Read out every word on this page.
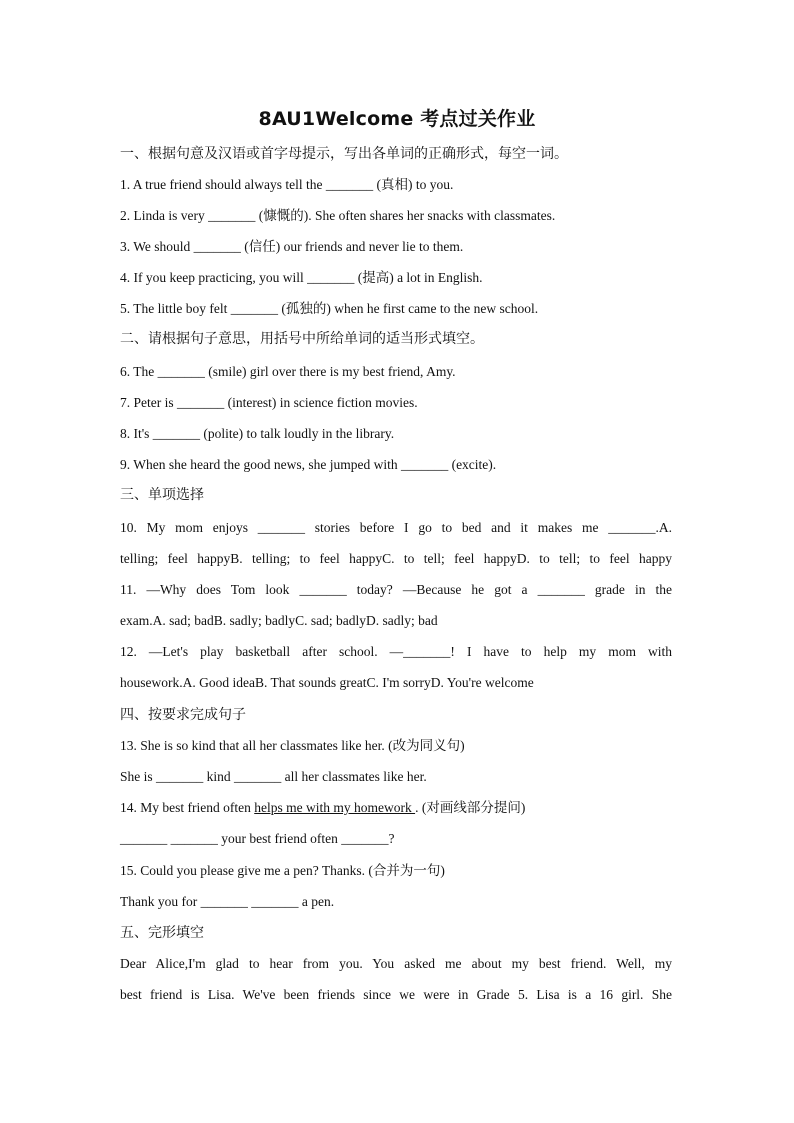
8AU1Welcome 考点过关作业
一、根据句意及汉语或首字母提示，写出各单词的正确形式，每空一词。
1. A true friend should always tell the _______ (真相) to you.
2. Linda is very _______ (慷慨的). She often shares her snacks with classmates.
3. We should _______ (信任) our friends and never lie to them.
4. If you keep practicing, you will _______ (提高) a lot in English.
5. The little boy felt _______ (孤独的) when he first came to the new school.
二、请根据句子意思，用括号中所给单词的适当形式填空。
6. The _______ (smile) girl over there is my best friend, Amy.
7. Peter is _______ (interest) in science fiction movies.
8. It's _______ (polite) to talk loudly in the library.
9. When she heard the good news, she jumped with _______ (excite).
三、单项选择
10. My mom enjoys _______ stories before I go to bed and it makes me _______.A.
telling; feel happyB. telling; to feel happyC. to tell; feel happyD. to tell; to feel happy
11. —Why does Tom look _______ today? —Because he got a _______ grade in the
exam.A. sad; badB. sadly; badlyC. sad; badlyD. sadly; bad
12. —Let's play basketball after school. —_______! I have to help my mom with
housework.A. Good ideaB. That sounds greatC. I'm sorryD. You're welcome
四、按要求完成句子
13. She is so kind that all her classmates like her. (改为同义句)
She is _______ kind _______ all her classmates like her.
14. My best friend often helps me with my homework . (对画线部分提问)
_______ _______ your best friend often _______?
15. Could you please give me a pen? Thanks. (合并为一句)
Thank you for _______ _______ a pen.
五、完形填空
Dear Alice,I'm glad to hear from you. You asked me about my best friend. Well, my
best friend is Lisa. We've been friends since we were in Grade 5. Lisa is a 16 girl. She
